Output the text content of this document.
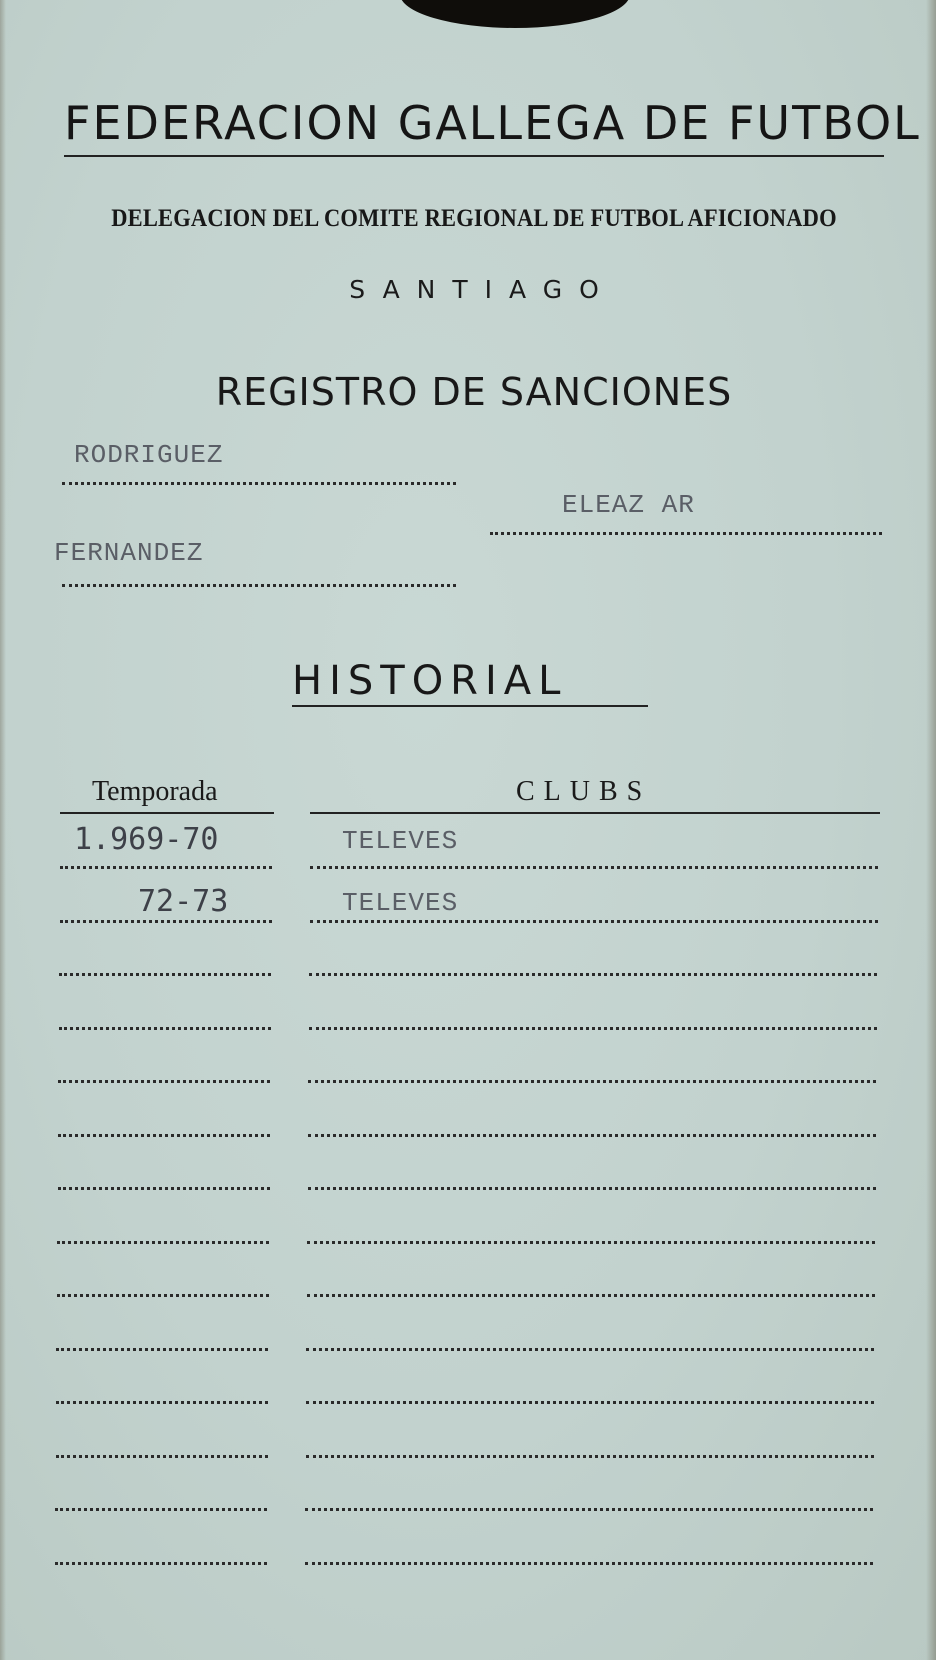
FEDERACION GALLEGA DE FUTBOL
DELEGACION DEL COMITE REGIONAL DE FUTBOL AFICIONADO
SANTIAGO
REGISTRO DE SANCIONES
RODRIGUEZ
ELEAZ AR
FERNANDEZ
HISTORIAL
Temporada	CLUBS
1.969-70	TELEVES
72-73	TELEVES
